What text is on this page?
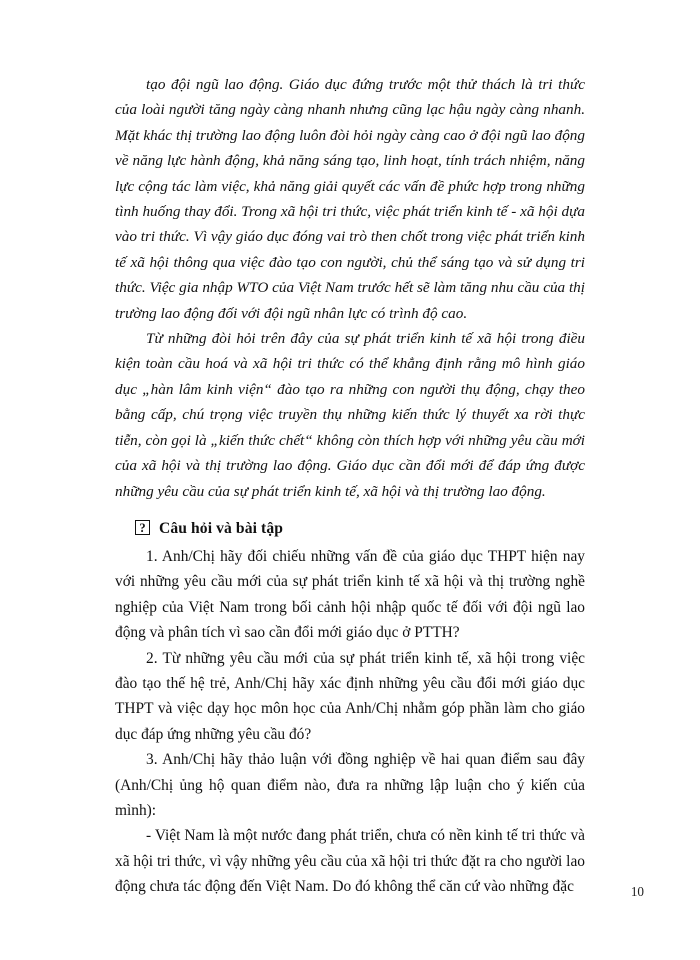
tạo đội ngũ lao động. Giáo dục đứng trước một thử thách là tri thức của loài người tăng ngày càng nhanh nhưng cũng lạc hậu ngày càng nhanh. Mặt khác thị trường lao động luôn đòi hỏi ngày càng cao ở đội ngũ lao động về năng lực hành động, khả năng sáng tạo, linh hoạt, tính trách nhiệm, năng lực cộng tác làm việc, khả năng giải quyết các vấn đề phức hợp trong những tình huống thay đổi. Trong xã hội tri thức, việc phát triển kinh tế - xã hội dựa vào tri thức. Vì vậy giáo dục đóng vai trò then chốt trong việc phát triển kinh tế xã hội thông qua việc đào tạo con người, chủ thể sáng tạo và sử dụng tri thức. Việc gia nhập WTO của Việt Nam trước hết sẽ làm tăng nhu cầu của thị trường lao động đối với đội ngũ nhân lực có trình độ cao.

Từ những đòi hỏi trên đây của sự phát triển kinh tế xã hội trong điều kiện toàn cầu hoá và xã hội tri thức có thể khẳng định rằng mô hình giáo dục „hàn lâm kinh viện“ đào tạo ra những con người thụ động, chạy theo bằng cấp, chú trọng việc truyền thụ những kiến thức lý thuyết xa rời thực tiễn, còn gọi là „kiến thức chết“ không còn thích hợp với những yêu cầu mới của xã hội và thị trường lao động. Giáo dục cần đổi mới để đáp ứng được những yêu cầu của sự phát triển kinh tế, xã hội và thị trường lao động.

? Câu hỏi và bài tập

1. Anh/Chị hãy đối chiếu những vấn đề của giáo dục THPT hiện nay với những yêu cầu mới của sự phát triển kinh tế xã hội và thị trường nghề nghiệp của Việt Nam trong bối cảnh hội nhập quốc tế đối với đội ngũ lao động và phân tích vì sao cần đổi mới giáo dục ở PTTH?

2. Từ những yêu cầu mới của sự phát triển kinh tế, xã hội trong việc đào tạo thế hệ trẻ, Anh/Chị hãy xác định những yêu cầu đổi mới giáo dục THPT và việc dạy học môn học của Anh/Chị nhằm góp phần làm cho giáo dục đáp ứng những yêu cầu đó?

3. Anh/Chị hãy thảo luận với đồng nghiệp về hai quan điểm sau đây (Anh/Chị ủng hộ quan điểm nào, đưa ra những lập luận cho ý kiến của mình):

- Việt Nam là một nước đang phát triển, chưa có nền kinh tế tri thức và xã hội tri thức, vì vậy những yêu cầu của xã hội tri thức đặt ra cho người lao động chưa tác động đến Việt Nam. Do đó không thể căn cứ vào những đặc	10
